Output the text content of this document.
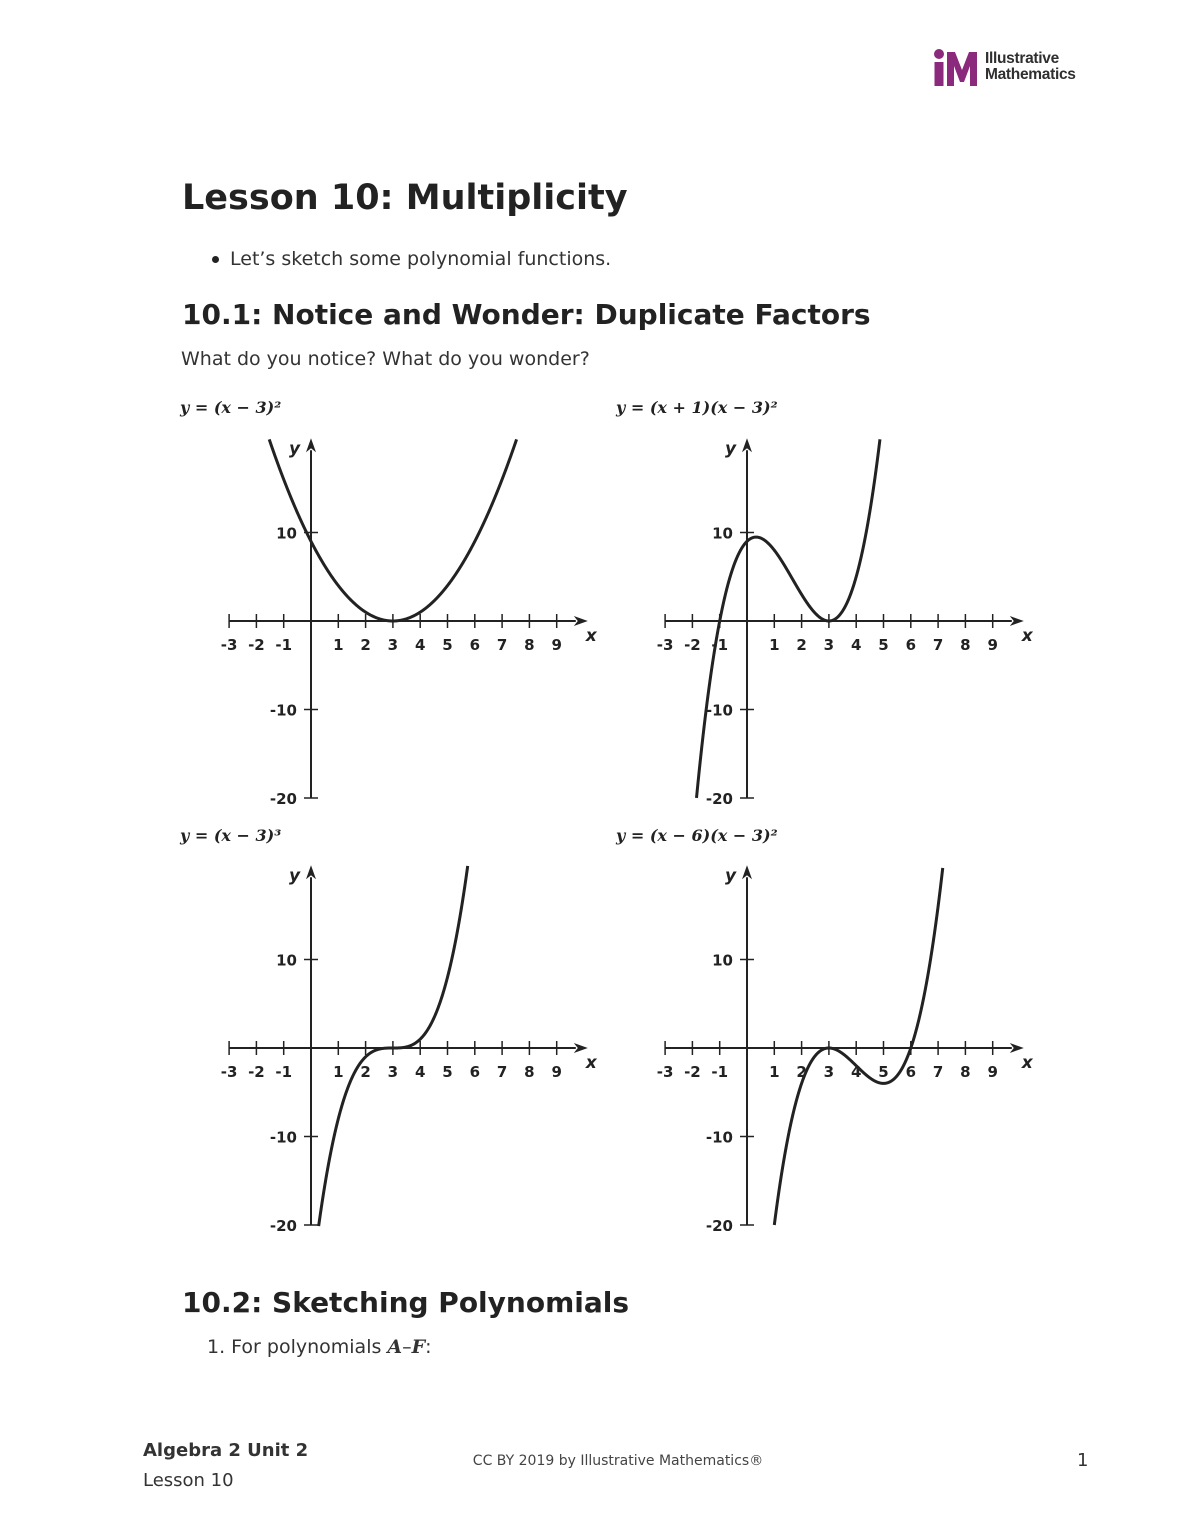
Illustrative
Mathematics
Lesson 10: Multiplicity
Let’s sketch some polynomial functions.
10.1: Notice and Wonder: Duplicate Factors

What do you notice? What do you wonder?

y = (x − 3)²	y = (x + 1)(x − 3)²
y = (x − 3)³	y = (x − 6)(x − 3)²
-3 -2 -1	1 2 3 4 5 6 7 8 9
10
-10
-20
x
y
-3 -2 -1	1 2 3 4 5 6 7 8 9
10
-10
-20
x
y
-3 -2 -1	1 2 3 4 5 6 7 8 9
10
-10
-20
x
y
-3 -2 -1	1 2 3 4 5 6 7 8 9
10
-10
-20
x
y
10.2: Sketching Polynomials

1. For polynomials A–F:

Algebra 2 Unit 2
Lesson 10
CC BY 2019 by Illustrative Mathematics®	1
